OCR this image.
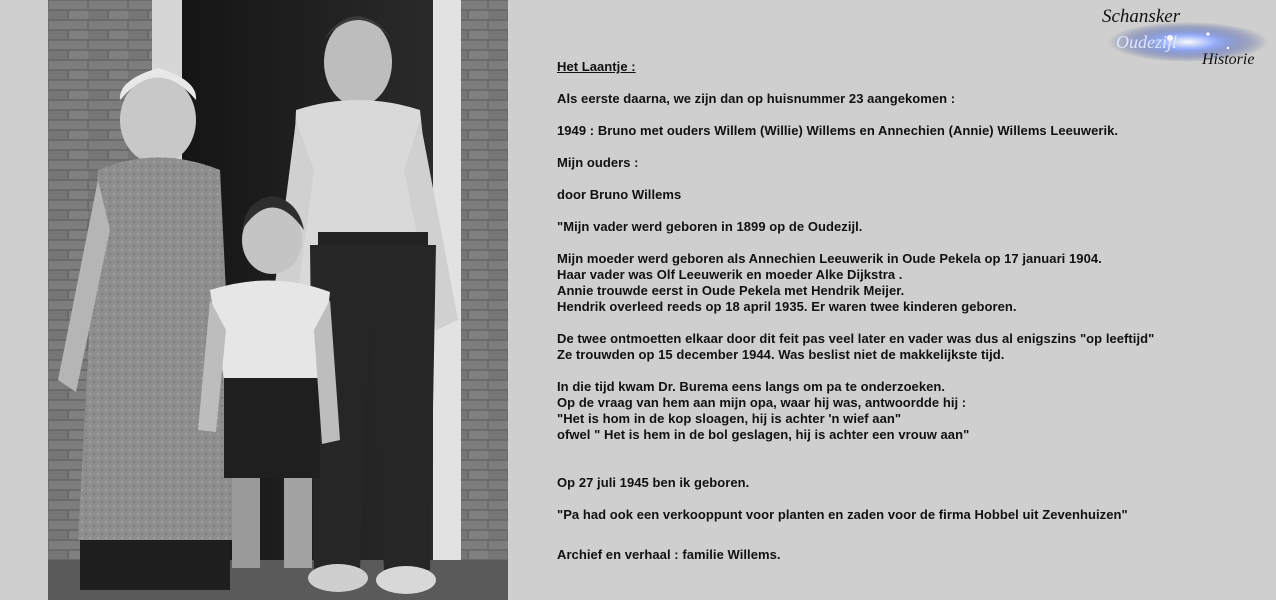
Schansker
Oudezijl
Historie
Het Laantje :
Als eerste daarna, we zijn dan op huisnummer 23 aangekomen :
1949 : Bruno met ouders Willem (Willie) Willems en Annechien (Annie) Willems Leeuwerik.
Mijn ouders :
door Bruno Willems
"Mijn vader werd geboren in 1899 op de Oudezijl.
Mijn moeder werd geboren als Annechien Leeuwerik in Oude Pekela op 17 januari 1904.
Haar vader was Olf Leeuwerik en moeder Alke Dijkstra .
Annie trouwde eerst in Oude Pekela met Hendrik Meijer.
Hendrik overleed reeds op 18 april 1935. Er waren twee kinderen geboren.
De twee ontmoetten elkaar door dit feit pas veel later en vader was dus al enigszins "op leeftijd"
Ze trouwden op 15 december 1944. Was beslist niet de makkelijkste tijd.
In die tijd kwam Dr. Burema eens langs om pa te onderzoeken.
Op de vraag van hem aan mijn opa, waar hij was, antwoordde hij :
"Het is hom in de kop sloagen, hij is achter 'n wief aan"
ofwel " Het is hem in de bol geslagen, hij is achter een vrouw aan"
Op 27 juli 1945 ben ik geboren.
"Pa had ook een verkooppunt voor planten en zaden voor de firma Hobbel uit Zevenhuizen"
Archief en verhaal : familie Willems.
